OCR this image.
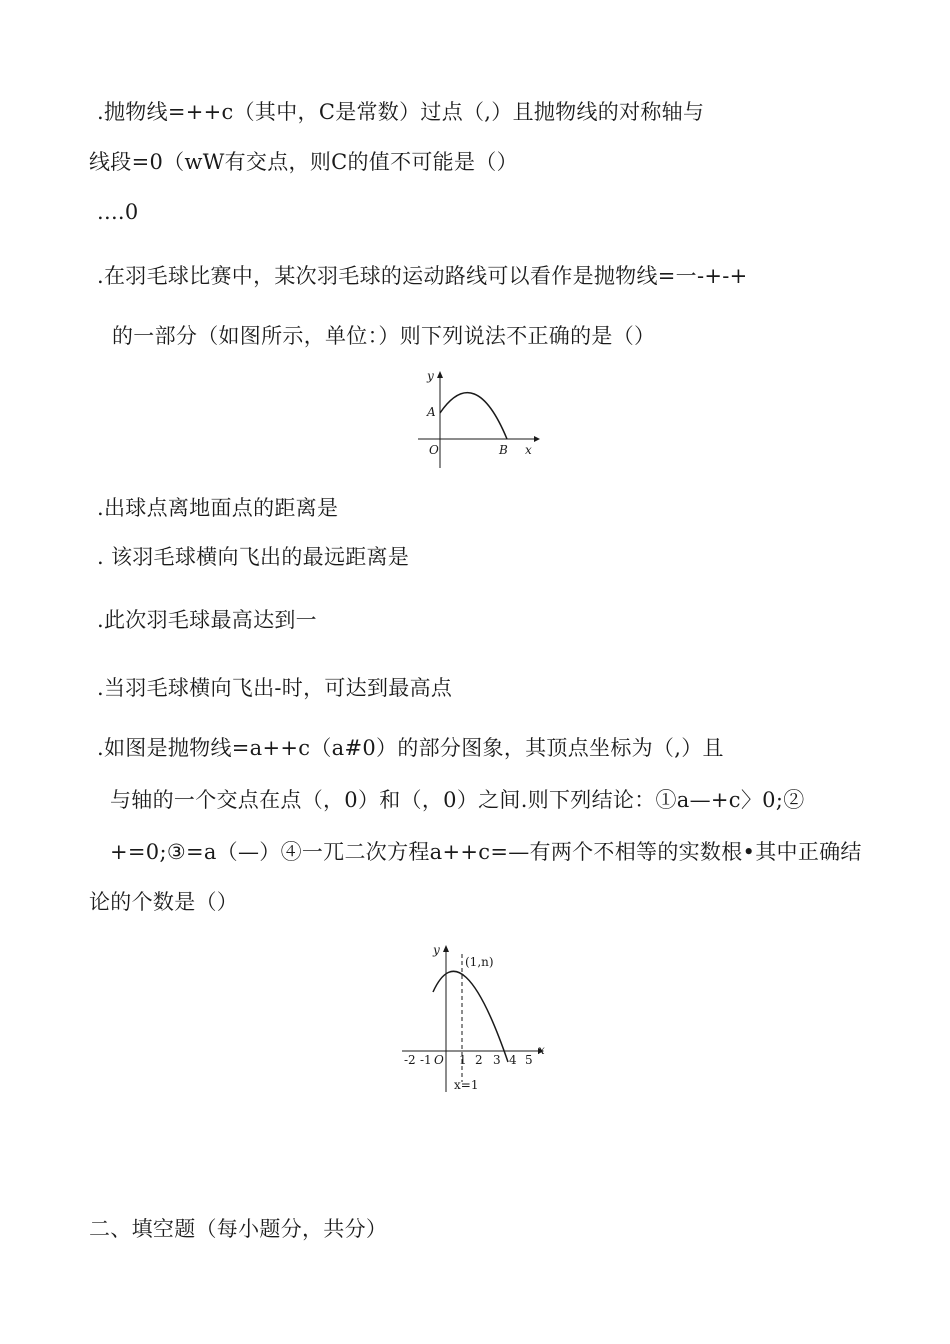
.抛物线=++c（其中，C是常数）过点（,）且抛物线的对称轴与
线段=0（wW有交点，则C的值不可能是（）
....0
.在羽毛球比赛中，某次羽毛球的运动路线可以看作是抛物线=一-+-+
的一部分（如图所示，单位：）则下列说法不正确的是（）
y
x
O
A
B
.出球点离地面点的距离是
. 该羽毛球横向飞出的最远距离是
.此次羽毛球最高达到一
.当羽毛球横向飞出-时，可达到最高点
.如图是抛物线=a++c（a#0）的部分图象，其顶点坐标为（,）且
与轴的一个交点在点（，0）和（，0）之间.则下列结论：①a—+c〉0;②
+=0;③=a（—）④一兀二次方程a++c=—有两个不相等的实数根•其中正确结
论的个数是（）
y
(1,n)
x
O
-2 -1 1 2 3 4 5
x=1
二、填空题（每小题分，共分）
